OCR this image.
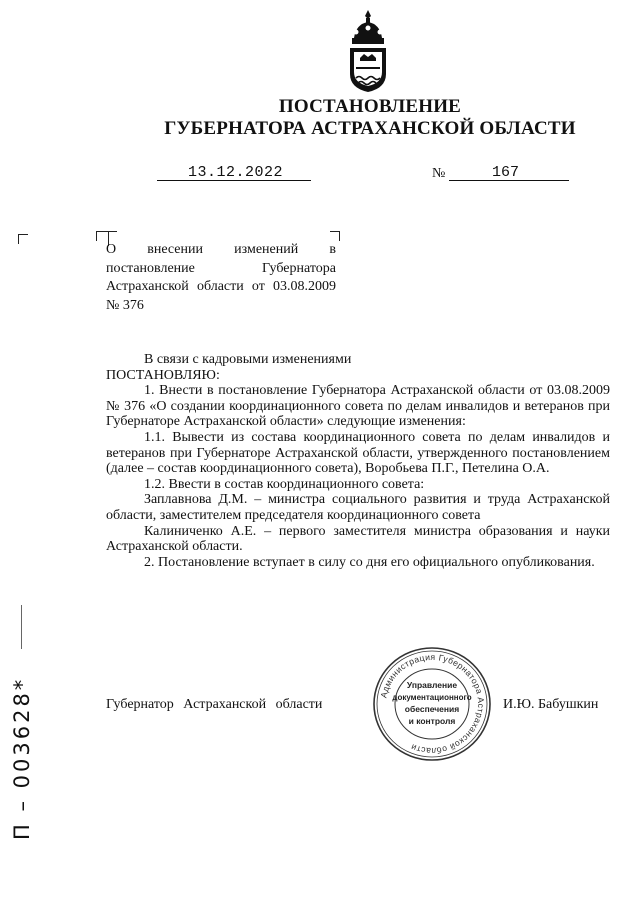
ПОСТАНОВЛЕНИЕ
ГУБЕРНАТОРА АСТРАХАНСКОЙ ОБЛАСТИ
13.12.2022	№	167
О внесении изменений в постановление Губернатора Астраханской области от 03.08.2009 № 376

В связи с кадровыми изменениями

ПОСТАНОВЛЯЮ:

1. Внести в постановление Губернатора Астраханской области от 03.08.2009 № 376 «О создании координационного совета по делам инвалидов и ветеранов при Губернаторе Астраханской области» следующие изменения:

1.1. Вывести из состава координационного совета по делам инвалидов и ветеранов при Губернаторе Астраханской области, утвержденного постановлением (далее – состав координационного совета), Воробьева П.Г., Петелина О.А.

1.2. Ввести в состав координационного совета:

Заплавнова Д.М. – министра социального развития и труда Астраханской области, заместителем председателя координационного совета

Калиниченко А.Е. – первого заместителя министра образования и науки Астраханской области.

2. Постановление вступает в силу со дня его официального опубликования.

Администрация Губернатора Астраханской области
Управление
документационного
обеспечения
и контроля
Губернатор Астраханской области	И.Ю. Бабушкин
П – 003628*
